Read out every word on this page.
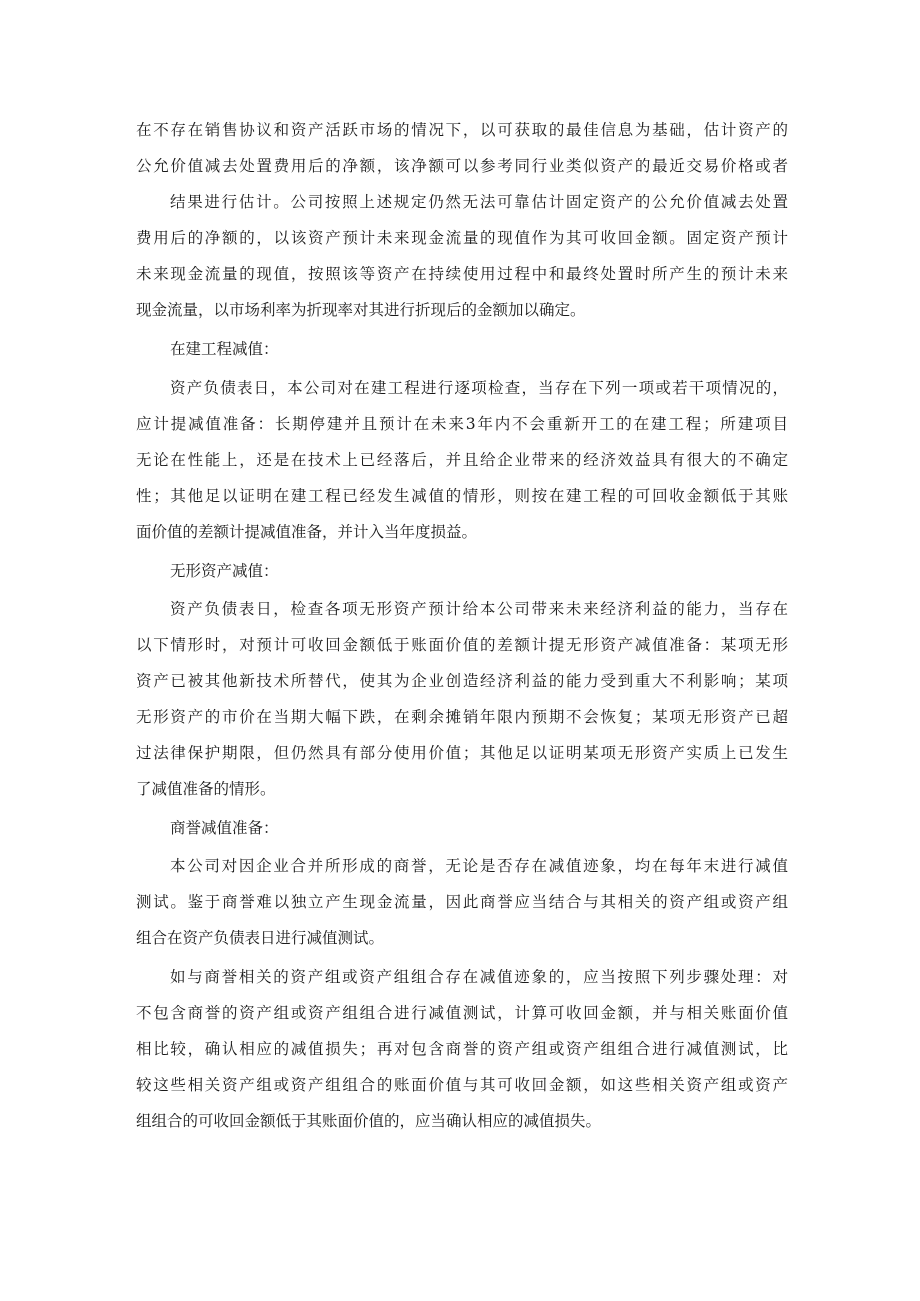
在不存在销售协议和资产活跃市场的情况下，以可获取的最佳信息为基础，估计资产的
公允价值减去处置费用后的净额，该净额可以参考同行业类似资产的最近交易价格或者
结果进行估计。公司按照上述规定仍然无法可靠估计固定资产的公允价值减去处置
费用后的净额的，以该资产预计未来现金流量的现值作为其可收回金额。固定资产预计
未来现金流量的现值，按照该等资产在持续使用过程中和最终处置时所产生的预计未来
现金流量，以市场利率为折现率对其进行折现后的金额加以确定。
在建工程减值：
资产负债表日，本公司对在建工程进行逐项检查，当存在下列一项或若干项情况的，
应计提减值准备：长期停建并且预计在未来3年内不会重新开工的在建工程；所建项目
无论在性能上，还是在技术上已经落后，并且给企业带来的经济效益具有很大的不确定
性；其他足以证明在建工程已经发生减值的情形，则按在建工程的可回收金额低于其账
面价值的差额计提减值准备，并计入当年度损益。
无形资产减值：
资产负债表日，检查各项无形资产预计给本公司带来未来经济利益的能力，当存在
以下情形时，对预计可收回金额低于账面价值的差额计提无形资产减值准备：某项无形
资产已被其他新技术所替代，使其为企业创造经济利益的能力受到重大不利影响；某项
无形资产的市价在当期大幅下跌，在剩余摊销年限内预期不会恢复；某项无形资产已超
过法律保护期限，但仍然具有部分使用价值；其他足以证明某项无形资产实质上已发生
了减值准备的情形。
商誉减值准备：
本公司对因企业合并所形成的商誉，无论是否存在减值迹象，均在每年末进行减值
测试。鉴于商誉难以独立产生现金流量，因此商誉应当结合与其相关的资产组或资产组
组合在资产负债表日进行减值测试。
如与商誉相关的资产组或资产组组合存在减值迹象的，应当按照下列步骤处理：对
不包含商誉的资产组或资产组组合进行减值测试，计算可收回金额，并与相关账面价值
相比较，确认相应的减值损失；再对包含商誉的资产组或资产组组合进行减值测试，比
较这些相关资产组或资产组组合的账面价值与其可收回金额，如这些相关资产组或资产
组组合的可收回金额低于其账面价值的，应当确认相应的减值损失。
